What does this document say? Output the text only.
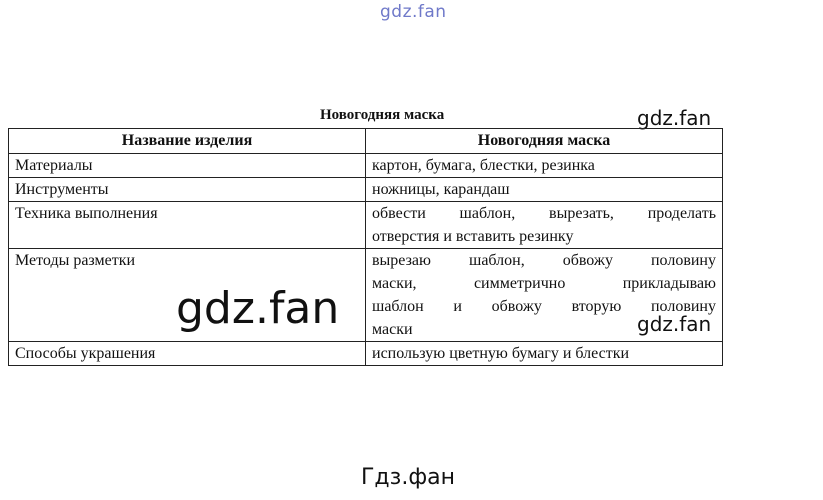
gdz.fan
Новогодняя маска	gdz.fan
Название изделия	Новогодняя маска
Материалы	картон, бумага, блестки, резинка

Инструменты	ножницы, карандаш

Техника выполнения	обвести шаблон, вырезать, проделать
отверстия и вставить резинку

Методы разметки	вырезаю шаблон, обвожу половину
маски, симметрично прикладываю
шаблон и обвожу вторую половину
маски

Способы украшения	использую цветную бумагу и блестки
gdz.fan	gdz.fan
Гдз.фан
